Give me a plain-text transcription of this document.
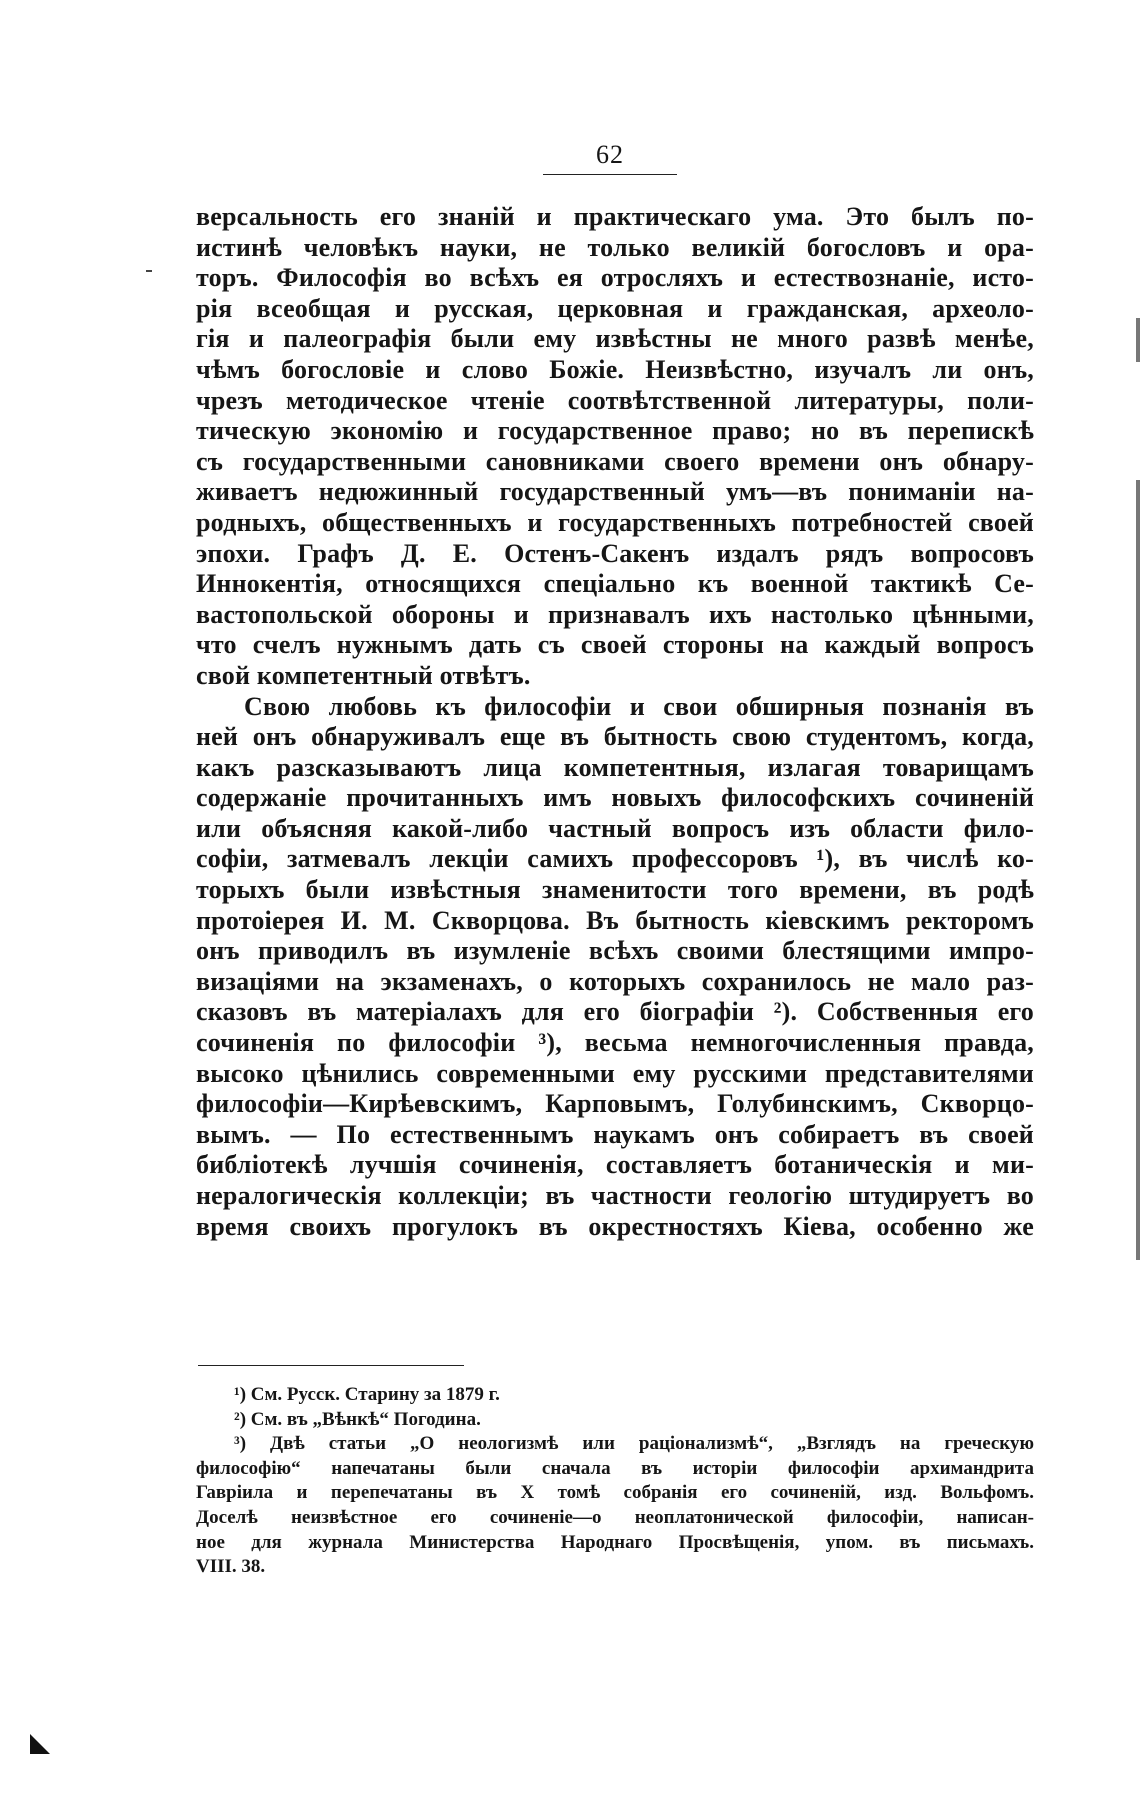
62
версальность его знаній и практическаго ума. Это былъ по-
истинѣ человѣкъ науки, не только великій богословъ и ора-
торъ. Философія во всѣхъ ея отросляхъ и естествознаніе, исто-
рія всеобщая и русская, церковная и гражданская, археоло-
гія и палеографія были ему извѣстны не много развѣ менѣе,
чѣмъ богословіе и слово Божіе. Неизвѣстно, изучалъ ли онъ,
чрезъ методическое чтеніе соотвѣтственной литературы, поли-
тическую экономію и государственное право; но въ перепискѣ
съ государственными сановниками своего времени онъ обнару-
живаетъ недюжинный государственный умъ—въ пониманіи на-
родныхъ, общественныхъ и государственныхъ потребностей своей
эпохи. Графъ Д. Е. Остенъ-Сакенъ издалъ рядъ вопросовъ
Иннокентія, относящихся спеціально къ военной тактикѣ Се-
вастопольской обороны и признавалъ ихъ настолько цѣнными,
что счелъ нужнымъ дать съ своей стороны на каждый вопросъ
свой компетентный отвѣтъ.
Свою любовь къ философіи и свои обширныя познанія въ
ней онъ обнаруживалъ еще въ бытность свою студентомъ, когда,
какъ разсказываютъ лица компетентныя, излагая товарищамъ
содержаніе прочитанныхъ имъ новыхъ философскихъ сочиненій
или объясняя какой-либо частный вопросъ изъ области фило-
софіи, затмевалъ лекціи самихъ профессоровъ ¹), въ числѣ ко-
торыхъ были извѣстныя знаменитости того времени, въ родѣ
протоіерея И. М. Скворцова. Въ бытность кіевскимъ ректоромъ
онъ приводилъ въ изумленіе всѣхъ своими блестящими импро-
визаціями на экзаменахъ, о которыхъ сохранилось не мало раз-
сказовъ въ матеріалахъ для его біографіи ²). Собственныя его
сочиненія по философіи ³), весьма немногочисленныя правда,
высоко цѣнились современными ему русскими представителями
философіи—Кирѣевскимъ, Карповымъ, Голубинскимъ, Скворцо-
вымъ. — По естественнымъ наукамъ онъ собираетъ въ своей
библіотекѣ лучшія сочиненія, составляетъ ботаническія и ми-
нералогическія коллекціи; въ частности геологію штудируетъ во
время своихъ прогулокъ въ окрестностяхъ Кіева, особенно же
¹) См. Русск. Старину за 1879 г.
²) См. въ „Вѣнкѣ“ Погодина.
³) Двѣ статьи „О неологизмѣ или раціонализмѣ“, „Взглядъ на греческую
философію“ напечатаны были сначала въ исторіи философіи архимандрита
Гавріила и перепечатаны въ X томѣ собранія его сочиненій, изд. Вольфомъ.
Доселѣ неизвѣстное его сочиненіе—о неоплатонической философіи, написан-
ное для журнала Министерства Народнаго Просвѣщенія, упом. въ письмахъ.
VIII. 38.
